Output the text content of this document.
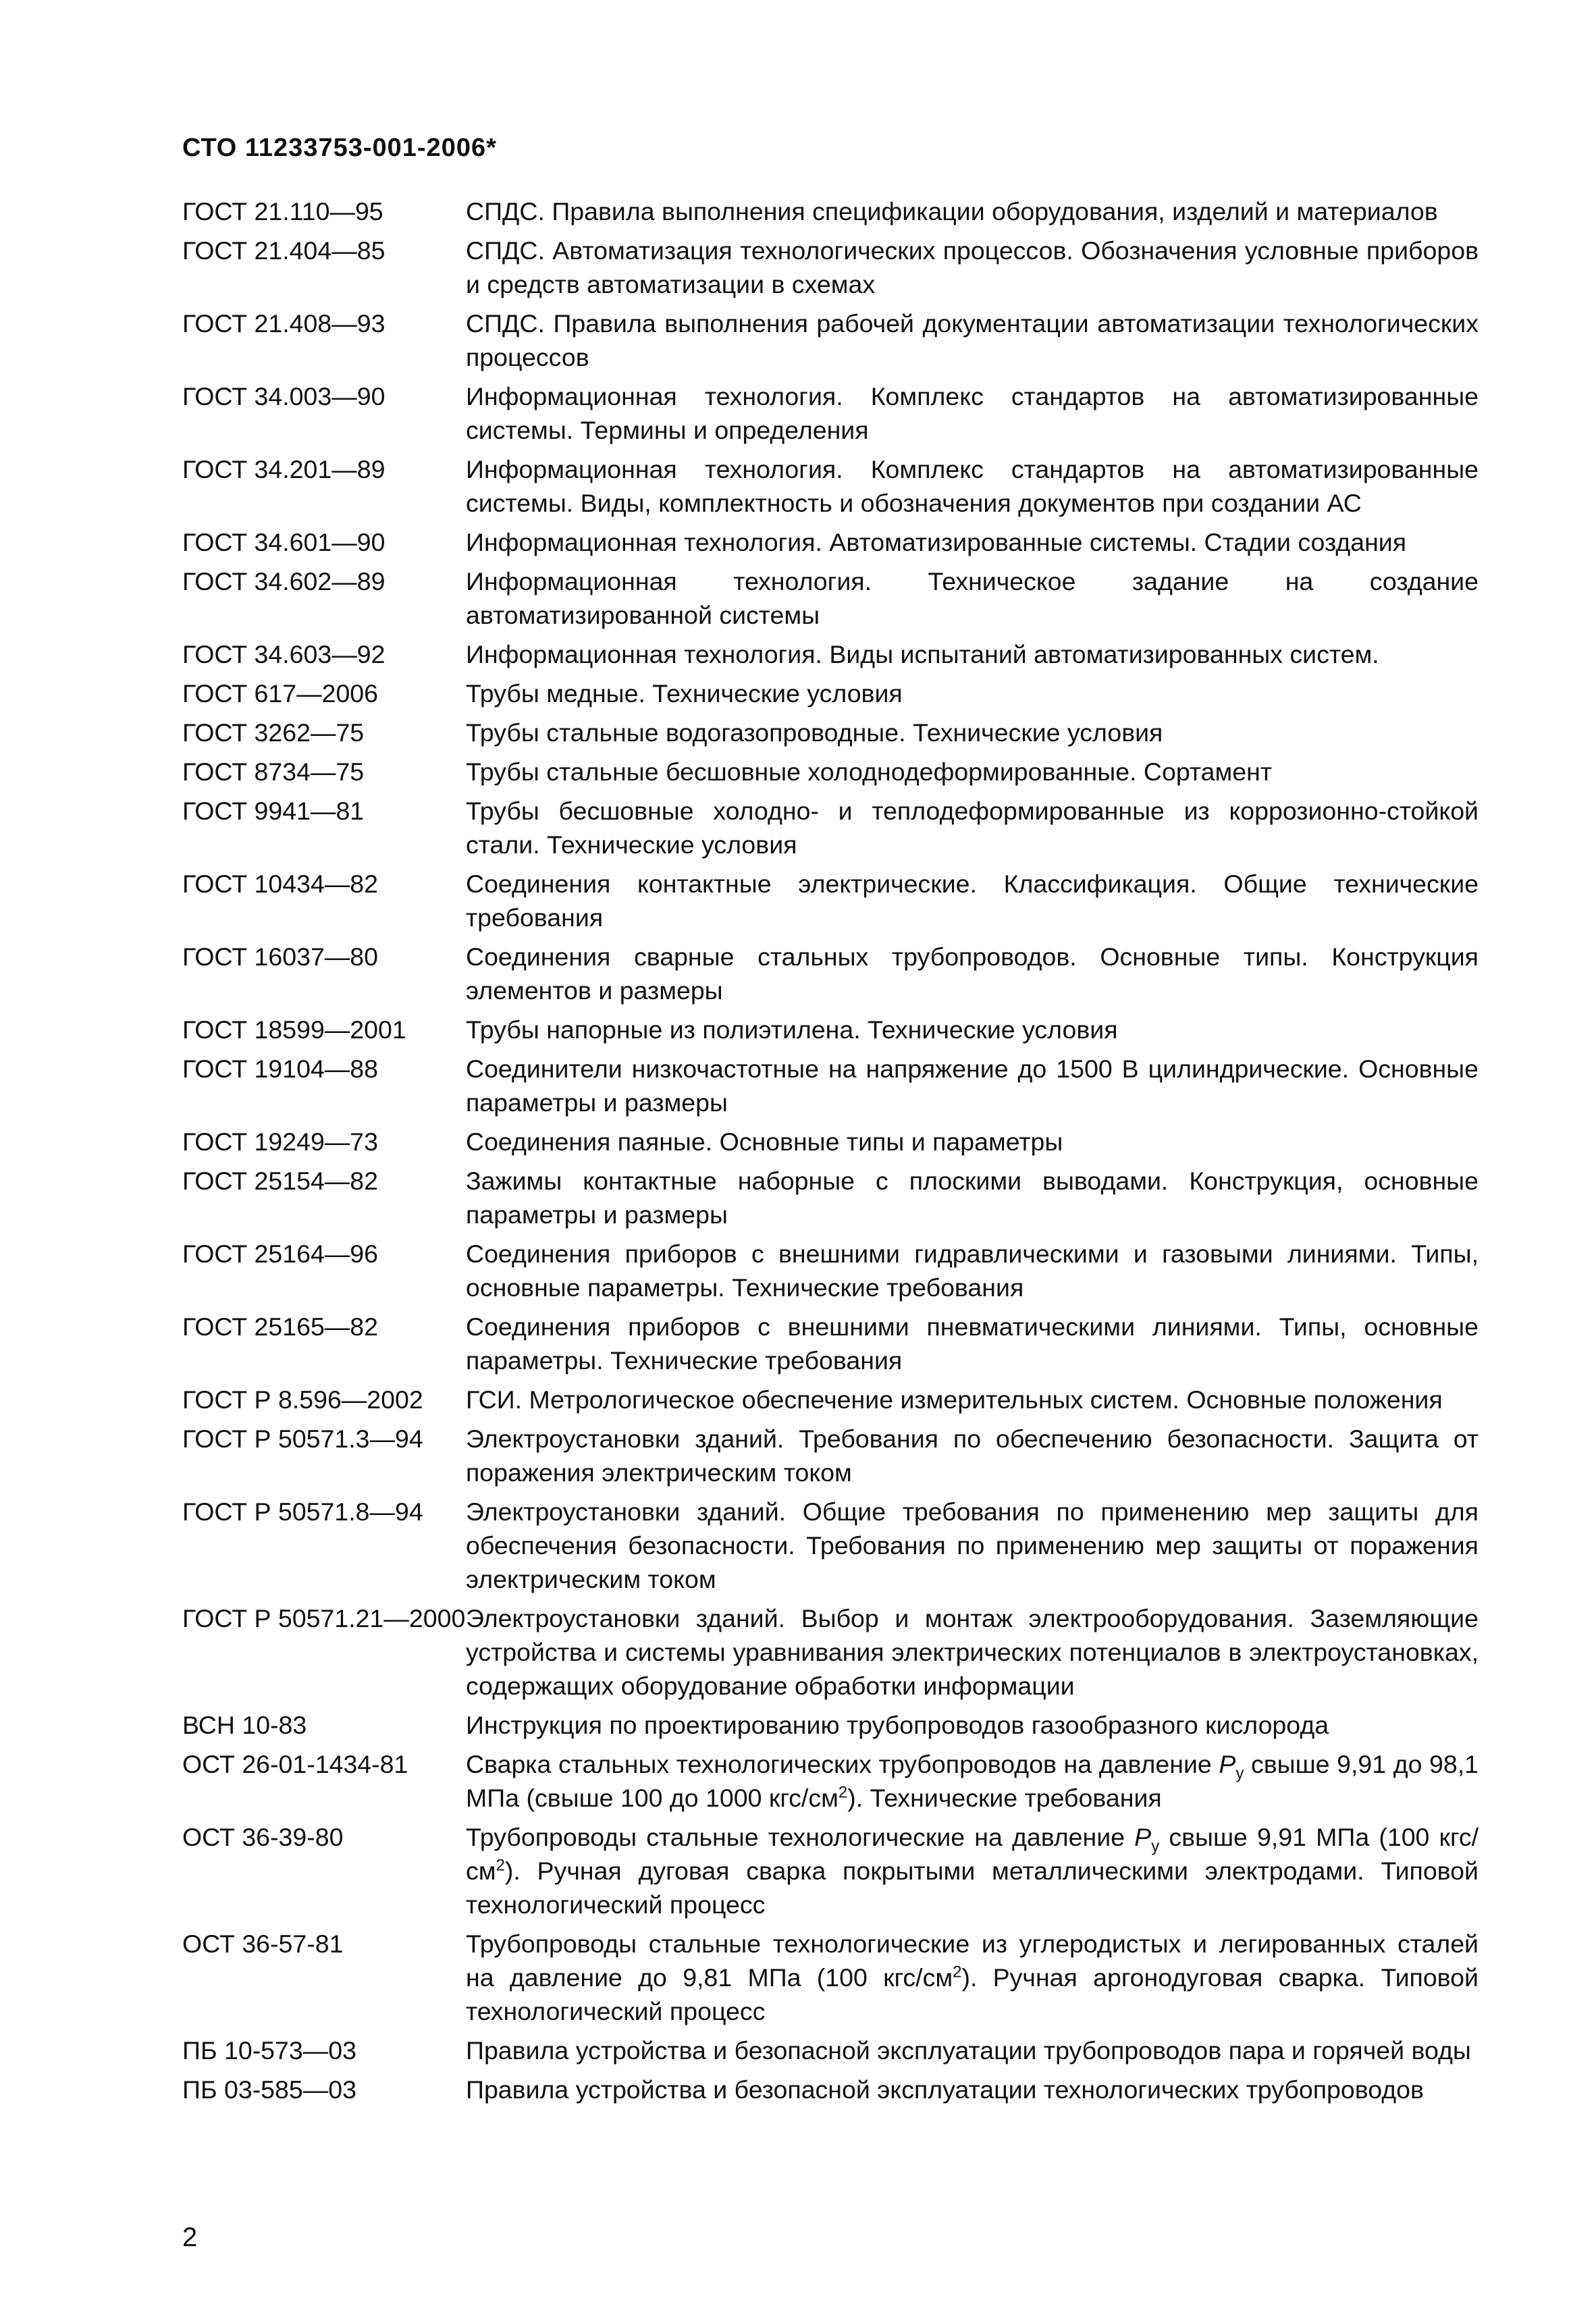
СТО 11233753-001-2006*
ГОСТ 21.110—95	СПДС. Правила выполнения спецификации оборудования, изделий и материалов
ГОСТ 21.404—85	СПДС. Автоматизация технологических процессов. Обозначения условные приборов и средств автоматизации в схемах
ГОСТ 21.408—93	СПДС. Правила выполнения рабочей документации автоматизации технологических процессов
ГОСТ 34.003—90	Информационная технология. Комплекс стандартов на автоматизированные системы. Термины и определения
ГОСТ 34.201—89	Информационная технология. Комплекс стандартов на автоматизированные системы. Виды, комплектность и обозначения документов при создании АС
ГОСТ 34.601—90	Информационная технология. Автоматизированные системы. Стадии создания
ГОСТ 34.602—89	Информационная технология. Техническое задание на создание автоматизированной системы
ГОСТ 34.603—92	Информационная технология. Виды испытаний автоматизированных систем.
ГОСТ 617—2006	Трубы медные. Технические условия
ГОСТ 3262—75	Трубы стальные водогазопроводные. Технические условия
ГОСТ 8734—75	Трубы стальные бесшовные холоднодеформированные. Сортамент
ГОСТ 9941—81	Трубы бесшовные холодно- и теплодеформированные из коррозионно-стойкой стали. Технические условия
ГОСТ 10434—82	Соединения контактные электрические. Классификация. Общие технические требования
ГОСТ 16037—80	Соединения сварные стальных трубопроводов. Основные типы. Конструкция элементов и размеры
ГОСТ 18599—2001	Трубы напорные из полиэтилена. Технические условия
ГОСТ 19104—88	Соединители низкочастотные на напряжение до 1500 В цилиндрические. Основные параметры и размеры
ГОСТ 19249—73	Соединения паяные. Основные типы и параметры
ГОСТ 25154—82	Зажимы контактные наборные с плоскими выводами. Конструкция, основные параметры и размеры
ГОСТ 25164—96	Соединения приборов с внешними гидравлическими и газовыми линиями. Типы, основные параметры. Технические требования
ГОСТ 25165—82	Соединения приборов с внешними пневматическими линиями. Типы, основные параметры. Технические требования
ГОСТ Р 8.596—2002	ГСИ. Метрологическое обеспечение измерительных систем. Основные положения
ГОСТ Р 50571.3—94	Электроустановки зданий. Требования по обеспечению безопасности. Защита от поражения электрическим током
ГОСТ Р 50571.8—94	Электроустановки зданий. Общие требования по применению мер защиты для обеспечения безопасности. Требования по применению мер защиты от поражения электрическим током
ГОСТ Р 50571.21—2000 Электроустановки зданий. Выбор и монтаж электрооборудования. Заземляющие устройства и системы уравнивания электрических потенциалов в электроустановках, содержащих оборудование обработки информации
ВСН 10-83	Инструкция по проектированию трубопроводов газообразного кислорода
ОСТ 26-01-1434-81	Сварка стальных технологических трубопроводов на давление $Р_у$ свыше 9,91 до 98,1 МПа (свыше 100 до 1000 кгс/$см^2$). Технические требования
ОСТ 36-39-80	Трубопроводы стальные технологические на давление $Р_у$ свыше 9,91 МПа (100 кгс/$см^2$). Ручная дуговая сварка покрытыми металлическими электродами. Типовой технологический процесс
ОСТ 36-57-81	Трубопроводы стальные технологические из углеродистых и легированных сталей на давление до 9,81 МПа (100 кгс/$см^2$). Ручная аргонодуговая сварка. Типовой технологический процесс
ПБ 10-573—03	Правила устройства и безопасной эксплуатации трубопроводов пара и горячей воды
ПБ 03-585—03	Правила устройства и безопасной эксплуатации технологических трубопроводов
2
